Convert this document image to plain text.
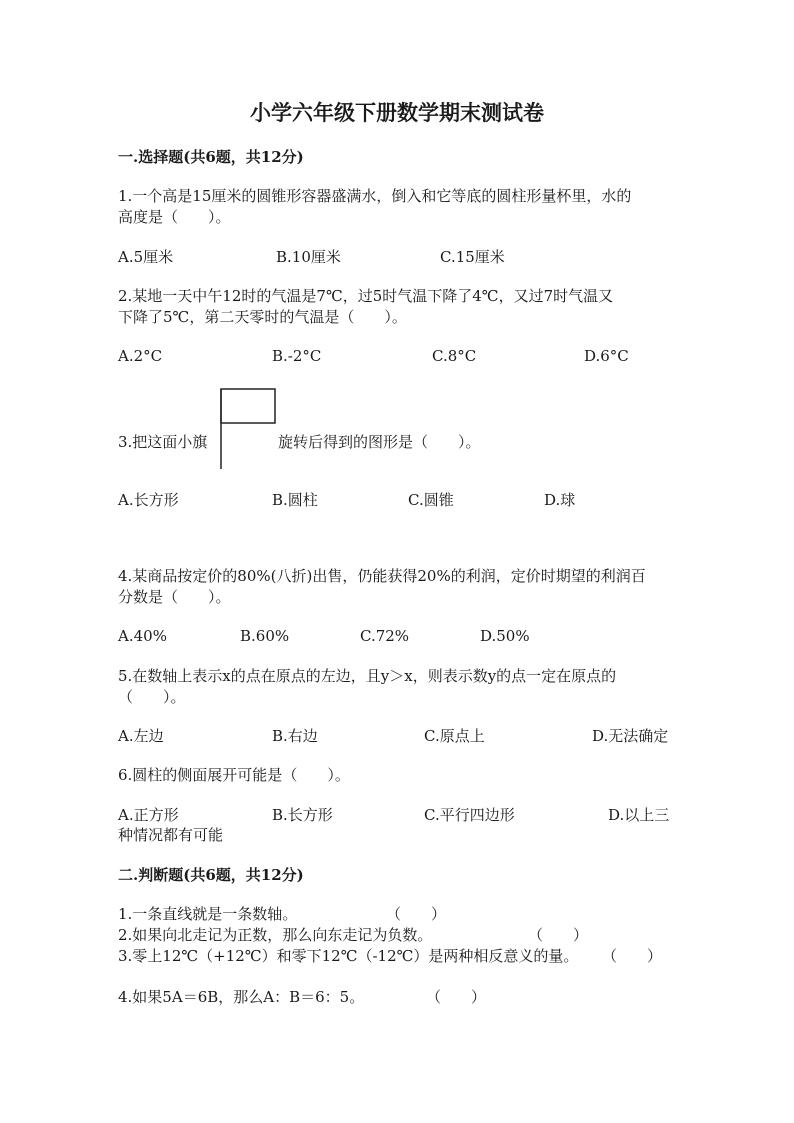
小学六年级下册数学期末测试卷
一.选择题(共6题，共12分)
1.一个高是15厘米的圆锥形容器盛满水，倒入和它等底的圆柱形量杯里，水的
高度是（　　）。
A.5厘米	B.10厘米	C.15厘米
2.某地一天中午12时的气温是7℃，过5时气温下降了4℃，又过7时气温又
下降了5℃，第二天零时的气温是（　　）。
A.2°C	B.-2°C	C.8°C	D.6°C
3.把这面小旗	旋转后得到的图形是（　　）。
A.长方形	B.圆柱	C.圆锥	D.球
4.某商品按定价的80%(八折)出售，仍能获得20%的利润，定价时期望的利润百
分数是（　　）。
A.40%	B.60%	C.72%	D.50%
5.在数轴上表示x的点在原点的左边，且y＞x，则表示数y的点一定在原点的
（　　）。
A.左边	B.右边	C.原点上	D.无法确定
6.圆柱的侧面展开可能是（　　）。
A.正方形	B.长方形	C.平行四边形	D.以上三
种情况都有可能
二.判断题(共6题，共12分)
1.一条直线就是一条数轴。	（　　）
2.如果向北走记为正数，那么向东走记为负数。	（　　）
3.零上12℃（+12℃）和零下12℃（-12℃）是两种相反意义的量。 （　　）
4.如果5A＝6B，那么A：B＝6：5。	（　　）
